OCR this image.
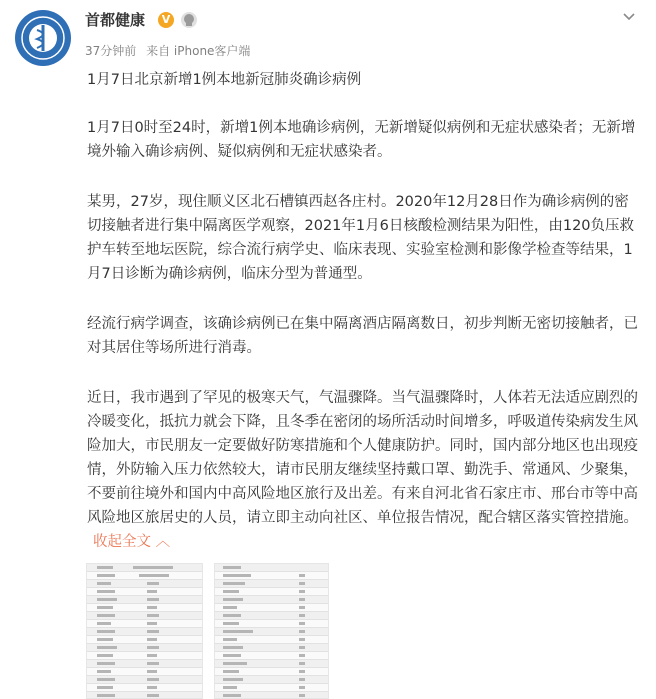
首都健康	V
37分钟前 来自 iPhone客户端

1月7日北京新增1例本地新冠肺炎确诊病例

1月7日0时至24时，新增1例本地确诊病例，无新增疑似病例和无症状感染者；无新增境外输入确诊病例、疑似病例和无症状感染者。

某男，27岁，现住顺义区北石槽镇西赵各庄村。2020年12月28日作为确诊病例的密切接触者进行集中隔离医学观察，2021年1月6日核酸检测结果为阳性，由120负压救护车转至地坛医院，综合流行病学史、临床表现、实验室检测和影像学检查等结果，1月7日诊断为确诊病例，临床分型为普通型。

经流行病学调查，该确诊病例已在集中隔离酒店隔离数日，初步判断无密切接触者，已对其居住等场所进行消毒。

近日，我市遇到了罕见的极寒天气，气温骤降。当气温骤降时，人体若无法适应剧烈的冷暖变化，抵抗力就会下降，且冬季在密闭的场所活动时间增多，呼吸道传染病发生风险加大，市民朋友一定要做好防寒措施和个人健康防护。同时，国内部分地区也出现疫情，外防输入压力依然较大，请市民朋友继续坚持戴口罩、勤洗手、常通风、少聚集，不要前往境外和国内中高风险地区旅行及出差。有来自河北省石家庄市、邢台市等中高风险地区旅居史的人员，请立即主动向社区、单位报告情况，配合辖区落实管控措施。收起全文 ︿
